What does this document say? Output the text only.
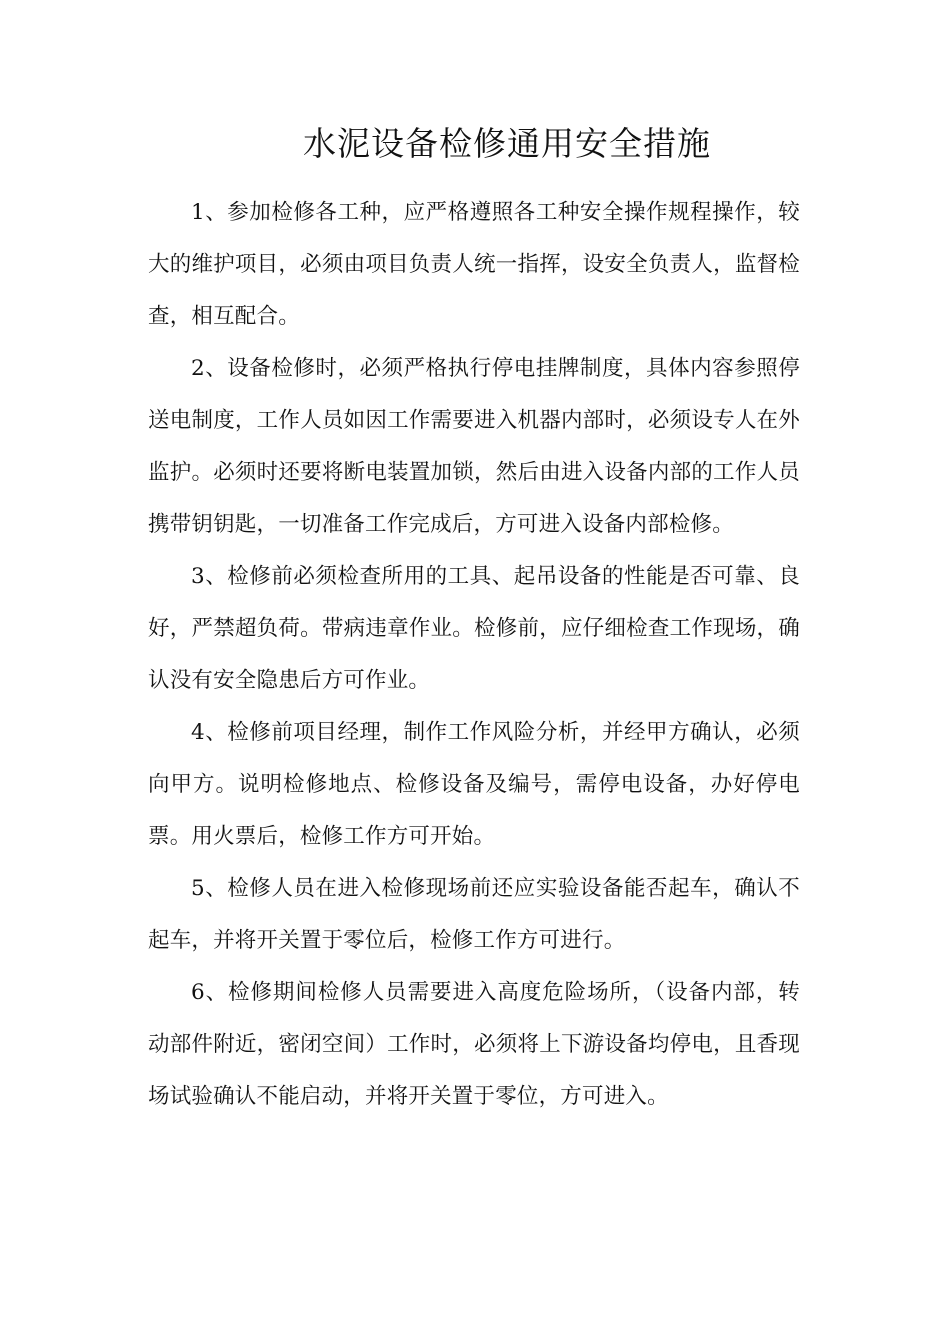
水泥设备检修通用安全措施

1、参加检修各工种，应严格遵照各工种安全操作规程操作，较大的维护项目，必须由项目负责人统一指挥，设安全负责人，监督检查，相互配合。

2、设备检修时，必须严格执行停电挂牌制度，具体内容参照停送电制度，工作人员如因工作需要进入机器内部时，必须设专人在外监护。必须时还要将断电装置加锁，然后由进入设备内部的工作人员携带钥钥匙，一切准备工作完成后，方可进入设备内部检修。

3、检修前必须检查所用的工具、起吊设备的性能是否可靠、良好，严禁超负荷。带病违章作业。检修前，应仔细检查工作现场，确认没有安全隐患后方可作业。

4、检修前项目经理，制作工作风险分析，并经甲方确认，必须向甲方。说明检修地点、检修设备及编号，需停电设备，办好停电票。用火票后，检修工作方可开始。

5、检修人员在进入检修现场前还应实验设备能否起车，确认不起车，并将开关置于零位后，检修工作方可进行。

6、检修期间检修人员需要进入高度危险场所，（设备内部，转动部件附近，密闭空间）工作时，必须将上下游设备均停电，且香现场试验确认不能启动，并将开关置于零位，方可进入。
